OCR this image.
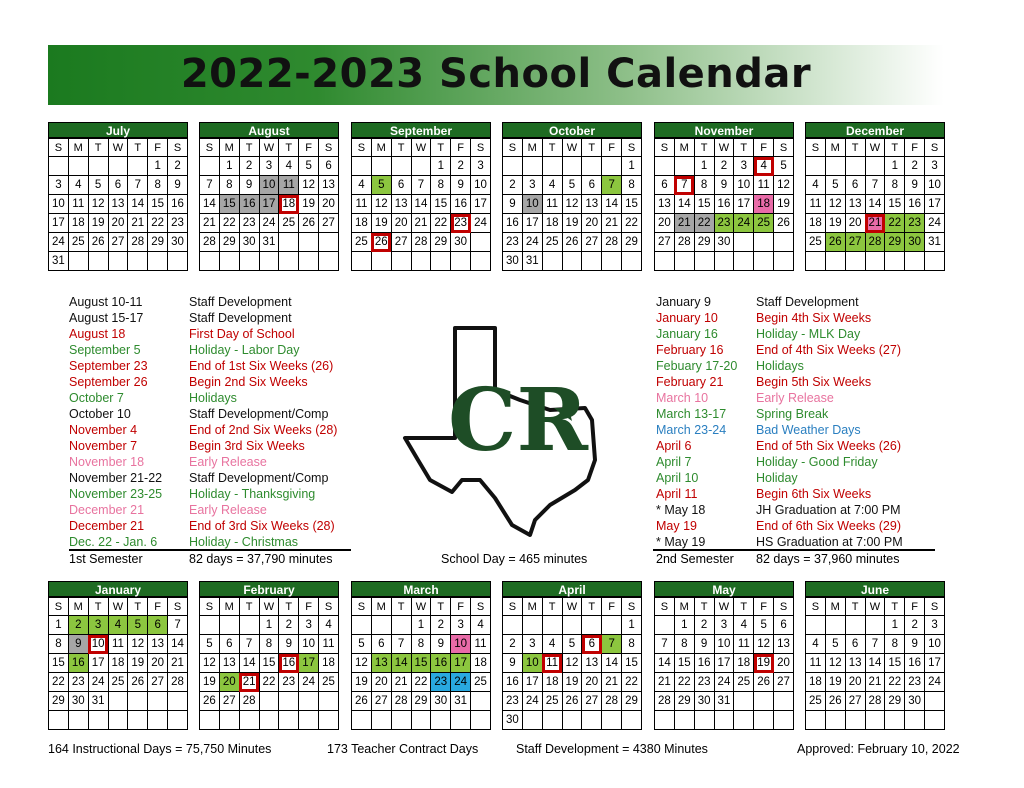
2022-2023 School Calendar
July
S	M	T	W	T	F	S
					1	2
3	4	5	6	7	8	9
10	11	12	13	14	15	16
17	18	19	20	21	22	23
24	25	26	27	28	29	30
31						
August
S	M	T	W	T	F	S
	1	2	3	4	5	6
7	8	9	10	11	12	13
14	15	16	17	18	19	20
21	22	23	24	25	26	27
28	29	30	31			

September
S	M	T	W	T	F	S
				1	2	3
4	5	6	7	8	9	10
11	12	13	14	15	16	17
18	19	20	21	22	23	24
25	26	27	28	29	30	

October
S	M	T	W	T	F	S
						1
2	3	4	5	6	7	8
9	10	11	12	13	14	15
16	17	18	19	20	21	22
23	24	25	26	27	28	29
30	31					
November
S	M	T	W	T	F	S
		1	2	3	4	5
6	7	8	9	10	11	12
13	14	15	16	17	18	19
20	21	22	23	24	25	26
27	28	29	30			

December
S	M	T	W	T	F	S
				1	2	3
4	5	6	7	8	9	10
11	12	13	14	15	16	17
18	19	20	21	22	23	24
25	26	27	28	29	30	31

January
S	M	T	W	T	F	S
1	2	3	4	5	6	7
8	9	10	11	12	13	14
15	16	17	18	19	20	21
22	23	24	25	26	27	28
29	30	31				

February
S	M	T	W	T	F	S
			1	2	3	4
5	6	7	8	9	10	11
12	13	14	15	16	17	18
19	20	21	22	23	24	25
26	27	28				

March
S	M	T	W	T	F	S
			1	2	3	4
5	6	7	8	9	10	11
12	13	14	15	16	17	18
19	20	21	22	23	24	25
26	27	28	29	30	31	

April
S	M	T	W	T	F	S
						1
2	3	4	5	6	7	8
9	10	11	12	13	14	15
16	17	18	19	20	21	22
23	24	25	26	27	28	29
30						
May
S	M	T	W	T	F	S
	1	2	3	4	5	6
7	8	9	10	11	12	13
14	15	16	17	18	19	20
21	22	23	24	25	26	27
28	29	30	31			

June
S	M	T	W	T	F	S
				1	2	3
4	5	6	7	8	9	10
11	12	13	14	15	16	17
18	19	20	21	22	23	24
25	26	27	28	29	30	

August 10-11	Staff Development
August 15-17	Staff Development
August 18	First Day of School
September 5	Holiday - Labor Day
September 23	End of 1st Six Weeks (26)
September 26	Begin 2nd Six Weeks
October 7	Holidays
October 10	Staff Development/Comp
November 4	End of 2nd Six Weeks (28)
November 7	Begin 3rd Six Weeks
November 18	Early Release
November 21-22	Staff Development/Comp
November 23-25	Holiday - Thanksgiving
December 21	Early Release
December 21	End of 3rd Six Weeks (28)
Dec. 22 - Jan. 6	Holiday - Christmas
January 9	Staff Development
January 10	Begin 4th Six Weeks
January 16	Holiday - MLK Day
February 16	End of 4th Six Weeks (27)
Febuary 17-20	Holidays
February 21	Begin 5th Six Weeks
March 10	Early Release
March 13-17	Spring Break
March 23-24	Bad Weather Days
April 6	End of 5th Six Weeks (26)
April 7	Holiday - Good Friday
April 10	Holiday
April 11	Begin 6th Six Weeks
* May 18	JH Graduation at 7:00 PM
May 19	End of 6th Six Weeks (29)
* May 19	HS Graduation at 7:00 PM
CR
1st Semester	82 days = 37,790 minutes	School Day = 465 minutes	2nd Semester 82 days = 37,960 minutes
164 Instructional Days = 75,750 Minutes	173 Teacher Contract Days	Staff Development = 4380 Minutes	Approved: February 10, 2022
